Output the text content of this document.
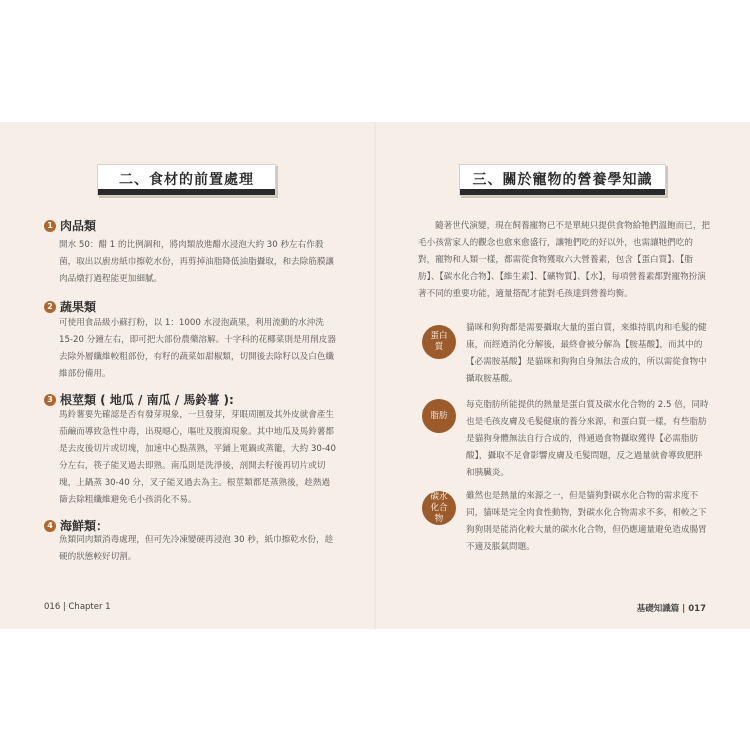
二、食材的前置處理
1 肉品類

開水 50：醋 1 的比例調和，將肉類放進醋水浸泡大約 30 秒左右作殺菌，取出以廚房紙巾擦乾水份，再剪掉油脂降低油脂攝取，和去除筋膜讓肉品燉打過程能更加細膩。

2 蔬果類

可使用食品級小蘇打粉，以 1：1000 水浸泡蔬果，利用流動的水沖洗 15-20 分鐘左右，即可把大部份農藥溶解。十字科的花椰菜則是用削皮器去除外層纖維較粗部份，有籽的蔬菜如甜椒類，切開後去除籽以及白色纖維部份備用。

3 根莖類 ( 地瓜 / 南瓜 / 馬鈴薯 ):

馬鈴薯要先確認是否有發芽現象，一旦發芽，芽眼周圍及其外皮就會產生茄鹼而導致急性中毒，出現噁心，嘔吐及腹瀉現象。其中地瓜及馬鈴薯都是去皮後切片或切塊，加速中心點蒸熟，平鋪上電鍋或蒸籠，大約 30-40 分左右，筷子能叉過去即熟。南瓜則是洗淨後，剖開去籽後再切片或切塊，上鍋蒸 30-40 分，叉子能叉過去為主。根莖類都是蒸熟後，趁熱過篩去除粗纖維避免毛小孩消化不易。

4 海鮮類：

魚類同肉類消毒處理，但可先冷凍變硬再浸泡 30 秒，紙巾擦乾水份，趁硬的狀態較好切割。

016 | Chapter 1
三、關於寵物的營養學知識

隨著世代演變，現在飼養寵物已不是單純只提供食物給牠們溫飽而已，把毛小孩當家人的觀念也愈來愈盛行，讓牠們吃的好以外，也需讓牠們吃的對，寵物和人類一樣，都需從食物獲取六大營養素，包含【蛋白質】、【脂肪】、【碳水化合物】、【維生素】、【礦物質】、【水】，每項營養素都對寵物扮演著不同的重要功能，適量搭配才能對毛孩達到營養均衡。

蛋白質

貓咪和狗狗都是需要攝取大量的蛋白質，來維持肌肉和毛髮的健康，而經過消化分解後，最終會被分解為【胺基酸】，而其中的【必需胺基酸】是貓咪和狗狗自身無法合成的，所以需從食物中攝取胺基酸。

脂肪

每克脂肪所能提供的熱量是蛋白質及碳水化合物的 2.5 倍，同時也是毛孩皮膚及毛髮健康的養分來源，和蛋白質一樣，有些脂肪是貓狗身體無法自行合成的，得通過食物攝取獲得【必需脂肪酸】，攝取不足會影響皮膚及毛髮問題，反之過量就會導致肥胖和胰臟炎。

碳水化合物

雖然也是熱量的來源之一，但是貓狗對碳水化合物的需求度不同，貓咪是完全肉食性動物，對碳水化合物需求不多，相較之下狗狗則是能消化較大量的碳水化合物，但仍應適量避免造成腸胃不適及脹氣問題。

基礎知識篇 | 017
